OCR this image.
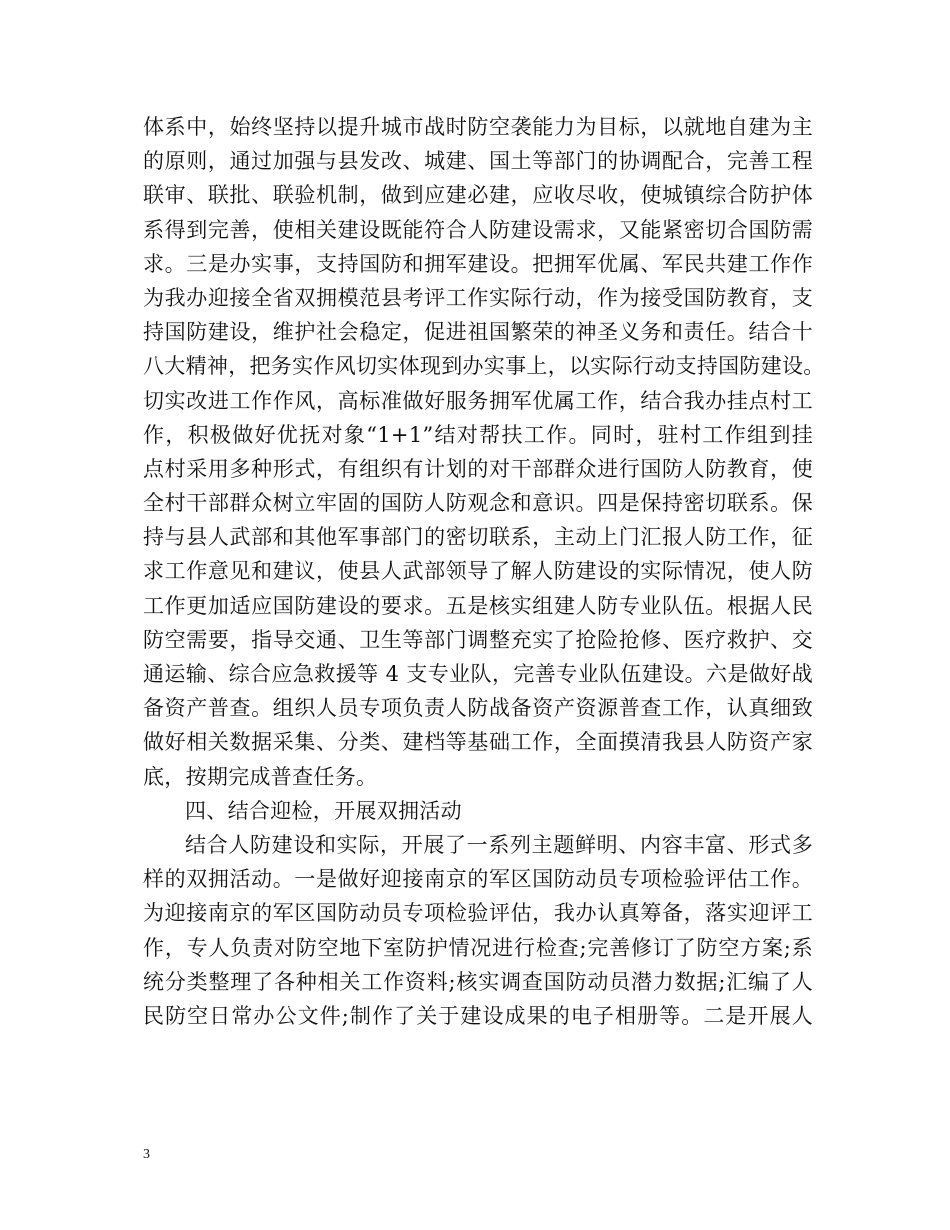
体系中，始终坚持以提升城市战时防空袭能力为目标，以就地自建为主
的原则，通过加强与县发改、城建、国土等部门的协调配合，完善工程
联审、联批、联验机制，做到应建必建，应收尽收，使城镇综合防护体
系得到完善，使相关建设既能符合人防建设需求，又能紧密切合国防需
求。三是办实事，支持国防和拥军建设。把拥军优属、军民共建工作作
为我办迎接全省双拥模范县考评工作实际行动，作为接受国防教育，支
持国防建设，维护社会稳定，促进祖国繁荣的神圣义务和责任。结合十
八大精神，把务实作风切实体现到办实事上，以实际行动支持国防建设。
切实改进工作作风，高标准做好服务拥军优属工作，结合我办挂点村工
作，积极做好优抚对象“1+1”结对帮扶工作。同时，驻村工作组到挂
点村采用多种形式，有组织有计划的对干部群众进行国防人防教育，使
全村干部群众树立牢固的国防人防观念和意识。四是保持密切联系。保
持与县人武部和其他军事部门的密切联系，主动上门汇报人防工作，征
求工作意见和建议，使县人武部领导了解人防建设的实际情况，使人防
工作更加适应国防建设的要求。五是核实组建人防专业队伍。根据人民
防空需要，指导交通、卫生等部门调整充实了抢险抢修、医疗救护、交
通运输、综合应急救援等 4 支专业队，完善专业队伍建设。六是做好战
备资产普查。组织人员专项负责人防战备资产资源普查工作，认真细致
做好相关数据采集、分类、建档等基础工作，全面摸清我县人防资产家
底，按期完成普查任务。
四、结合迎检，开展双拥活动
结合人防建设和实际，开展了一系列主题鲜明、内容丰富、形式多
样的双拥活动。一是做好迎接南京的军区国防动员专项检验评估工作。
为迎接南京的军区国防动员专项检验评估，我办认真筹备，落实迎评工
作，专人负责对防空地下室防护情况进行检查;完善修订了防空方案;系
统分类整理了各种相关工作资料;核实调查国防动员潜力数据;汇编了人
民防空日常办公文件;制作了关于建设成果的电子相册等。二是开展人
3
